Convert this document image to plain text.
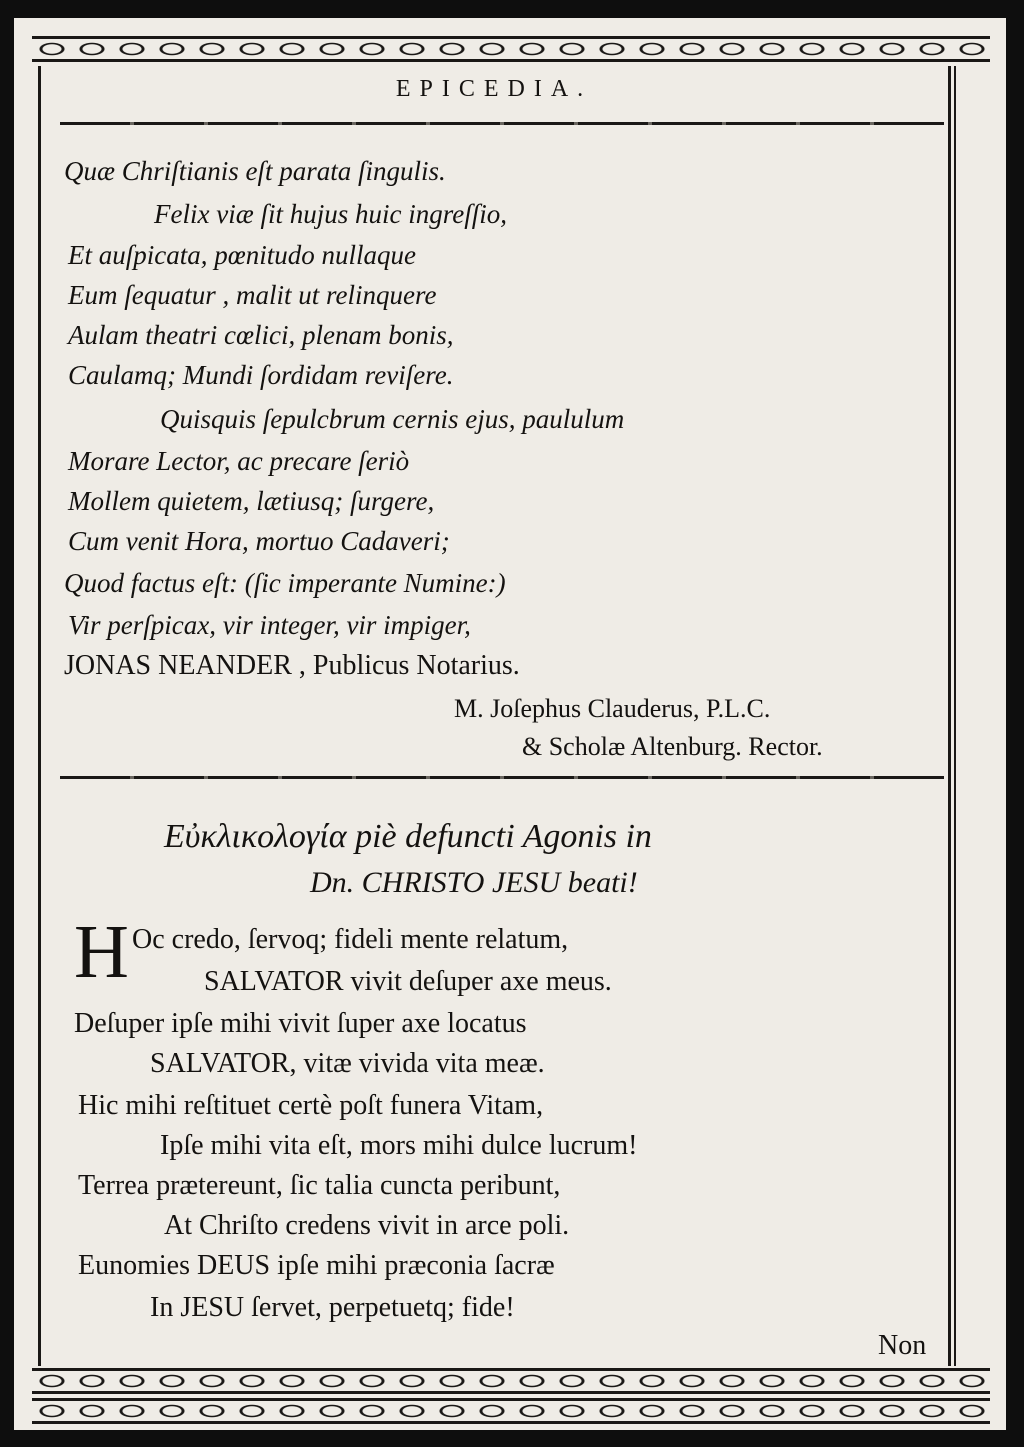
EPICEDIA.
Quæ Chriſtianis eſt parata ſingulis.
Felix viæ ſit hujus huic ingreſſio,
Et auſpicata, pœnitudo nullaque
Eum ſequatur , malit ut relinquere
Aulam theatri cœlici, plenam bonis,
Caulamq; Mundi ſordidam reviſere.
Quisquis ſepulcbrum cernis ejus, paululum
Morare Lector, ac precare ſeriò
Mollem quietem, lætiusq; ſurgere,
Cum venit Hora, mortuo Cadaveri;
Quod factus eſt: (ſic imperante Numine:)
Vir perſpicax, vir integer, vir impiger,
JONAS NEANDER , Publicus Notarius.
M. Joſephus Clauderus, P.L.C.
& Scholæ Altenburg. Rector.
Εὐκλικολογία piè defuncti Agonis in
Dn. CHRISTO JESU beati!
H Oc credo, ſervoq; fideli mente relatum,
SALVATOR vivit deſuper axe meus.
Deſuper ipſe mihi vivit ſuper axe locatus
SALVATOR, vitæ vivida vita meæ.
Hic mihi reſtituet certè poſt funera Vitam,
Ipſe mihi vita eſt, mors mihi dulce lucrum!
Terrea prætereunt, ſic talia cuncta peribunt,
At Chriſto credens vivit in arce poli.
Eunomies DEUS ipſe mihi præconia ſacræ
In JESU ſervet, perpetuetq; fide!
Non
